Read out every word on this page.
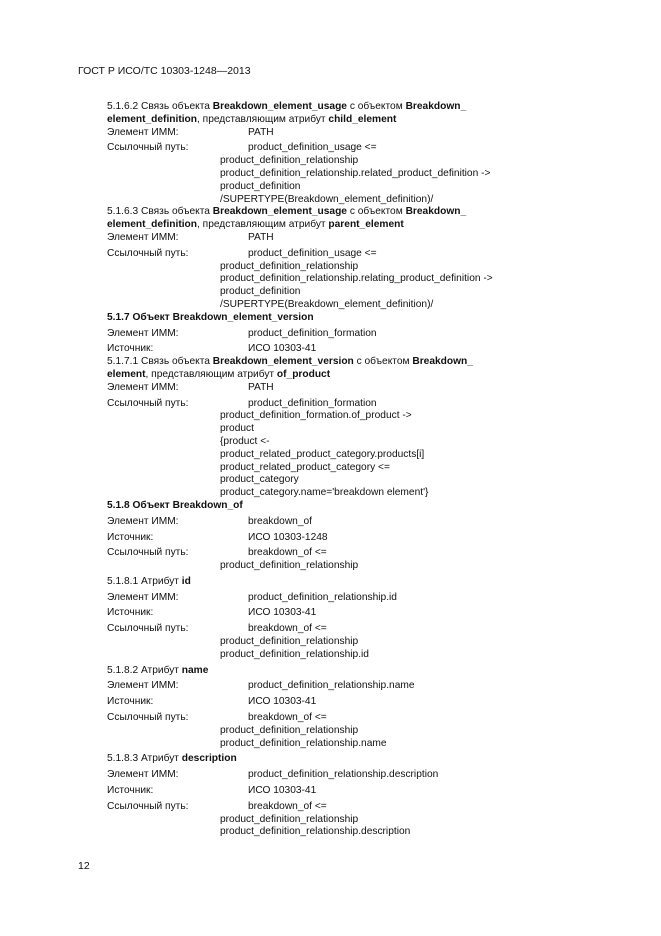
ГОСТ Р ИСО/ТС 10303-1248—2013
5.1.6.2 Связь объекта Breakdown_element_usage с объектом Breakdown_
element_definition, представляющим атрибут child_element
Элемент ИММ:	PATH
Ссылочный путь:	product_definition_usage <=
product_definition_relationship
product_definition_relationship.related_product_definition ->
product_definition
/SUPERTYPE(Breakdown_element_definition)/
5.1.6.3 Связь объекта Breakdown_element_usage с объектом Breakdown_
element_definition, представляющим атрибут parent_element
Элемент ИММ:	PATH
Ссылочный путь:	product_definition_usage <=
product_definition_relationship
product_definition_relationship.relating_product_definition ->
product_definition
/SUPERTYPE(Breakdown_element_definition)/
5.1.7 Объект Breakdown_element_version
Элемент ИММ:	product_definition_formation
Источник:	ИСО 10303-41
5.1.7.1 Связь объекта Breakdown_element_version с объектом Breakdown_
element, представляющим атрибут of_product
Элемент ИММ:	PATH
Ссылочный путь:	product_definition_formation
product_definition_formation.of_product ->
product
{product <-
product_related_product_category.products[i]
product_related_product_category <=
product_category
product_category.name='breakdown element'}
5.1.8 Объект Breakdown_of
Элемент ИММ:	breakdown_of
Источник:	ИСО 10303-1248
Ссылочный путь:	breakdown_of <=
product_definition_relationship
5.1.8.1 Атрибут id
Элемент ИММ:	product_definition_relationship.id
Источник:	ИСО 10303-41
Ссылочный путь:	breakdown_of <=
product_definition_relationship
product_definition_relationship.id
5.1.8.2 Атрибут name
Элемент ИММ:	product_definition_relationship.name
Источник:	ИСО 10303-41
Ссылочный путь:	breakdown_of <=
product_definition_relationship
product_definition_relationship.name
5.1.8.3 Атрибут description
Элемент ИММ:	product_definition_relationship.description
Источник:	ИСО 10303-41
Ссылочный путь:	breakdown_of <=
product_definition_relationship
product_definition_relationship.description
12
